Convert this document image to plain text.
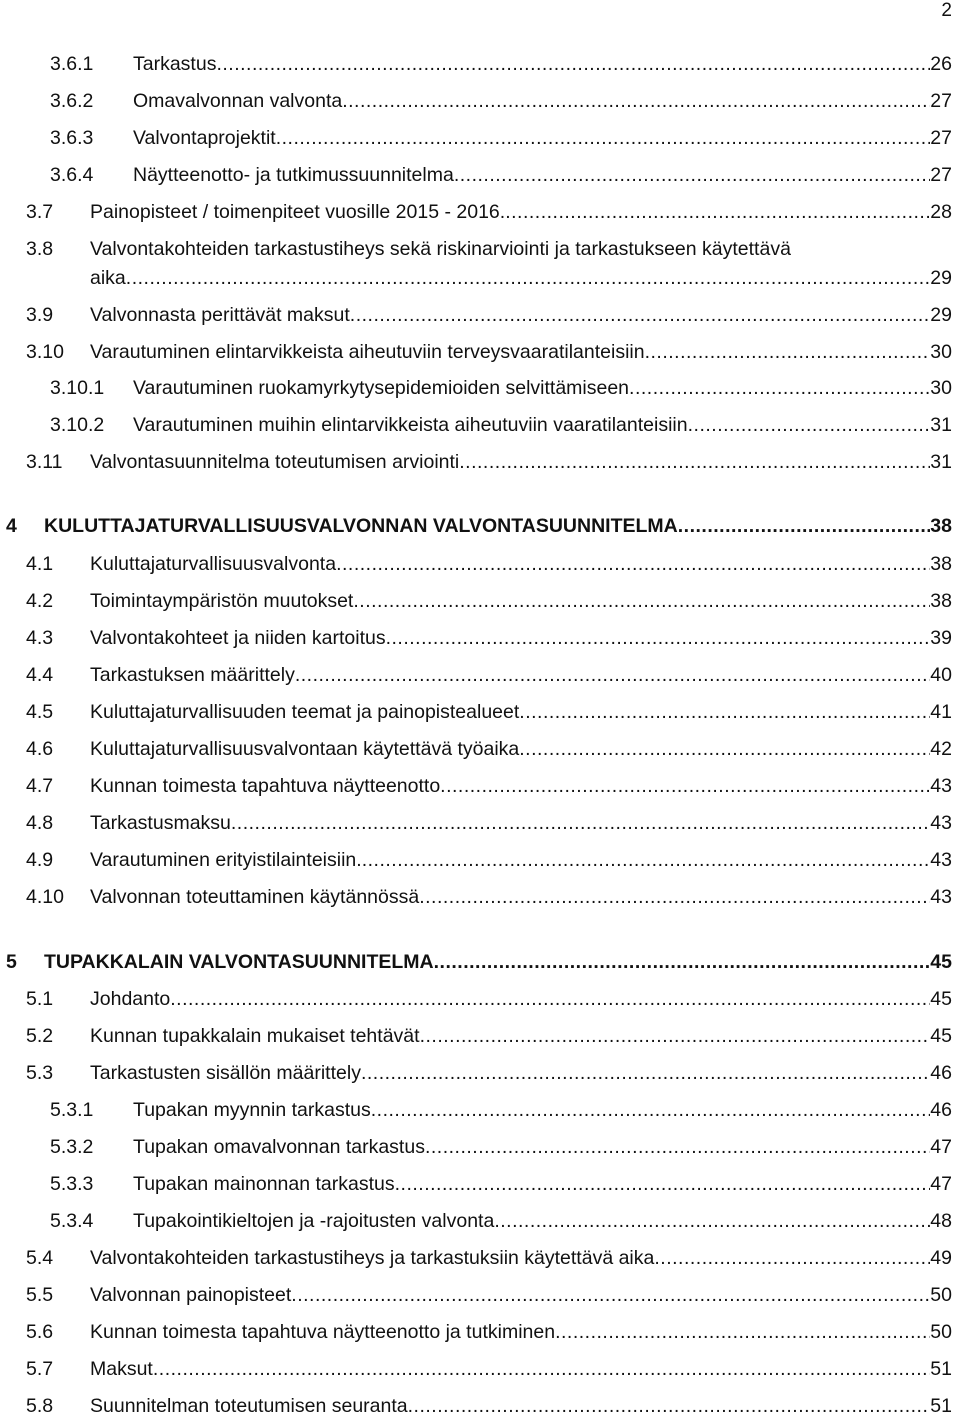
2
3.6.1 Tarkastus .....	26
3.6.2 Omavalvonnan valvonta .....	27
3.6.3 Valvontaprojektit .....	27
3.6.4 Näytteenotto- ja tutkimussuunnitelma .....	27
3.7 Painopisteet / toimenpiteet vuosille 2015 - 2016. .....	28
3.8 Valvontakohteiden tarkastustiheys sekä riskinarviointi ja tarkastukseen käytettävä
aika .....	29
3.9 Valvonnasta perittävät maksut .....	29
3.10 Varautuminen elintarvikkeista aiheutuviin terveysvaaratilanteisiin .....	30
3.10.1 Varautuminen ruokamyrkytysepidemioiden selvittämiseen .....	30
3.10.2 Varautuminen muihin elintarvikkeista aiheutuviin vaaratilanteisiin .....	31
3.11 Valvontasuunnitelma toteutumisen arviointi .....	31
4 KULUTTAJATURVALLISUUSVALVONNAN VALVONTASUUNNITELMA .....	38
4.1 Kuluttajaturvallisuusvalvonta .....	38
4.2 Toimintaympäristön muutokset .....	38
4.3 Valvontakohteet ja niiden kartoitus .....	39
4.4 Tarkastuksen määrittely .....	40
4.5 Kuluttajaturvallisuuden teemat ja painopistealueet .....	41
4.6 Kuluttajaturvallisuusvalvontaan käytettävä työaika .....	42
4.7 Kunnan toimesta tapahtuva näytteenotto .....	43
4.8 Tarkastusmaksu .....	43
4.9 Varautuminen erityistilainteisiin. .....	43
4.10 Valvonnan toteuttaminen käytännössä .....	43
5 TUPAKKALAIN VALVONTASUUNNITELMA .....	45
5.1 Johdanto .....	45
5.2 Kunnan tupakkalain mukaiset tehtävät .....	45
5.3 Tarkastusten sisällön määrittely .....	46
5.3.1 Tupakan myynnin tarkastus .....	46
5.3.2 Tupakan omavalvonnan tarkastus .....	47
5.3.3 Tupakan mainonnan tarkastus .....	47
5.3.4 Tupakointikieltojen ja -rajoitusten valvonta .....	48
5.4 Valvontakohteiden tarkastustiheys ja tarkastuksiin käytettävä aika .....	49
5.5 Valvonnan painopisteet .....	50
5.6 Kunnan toimesta tapahtuva näytteenotto ja tutkiminen .....	50
5.7 Maksut .....	51
5.8 Suunnitelman toteutumisen seuranta .....	51
